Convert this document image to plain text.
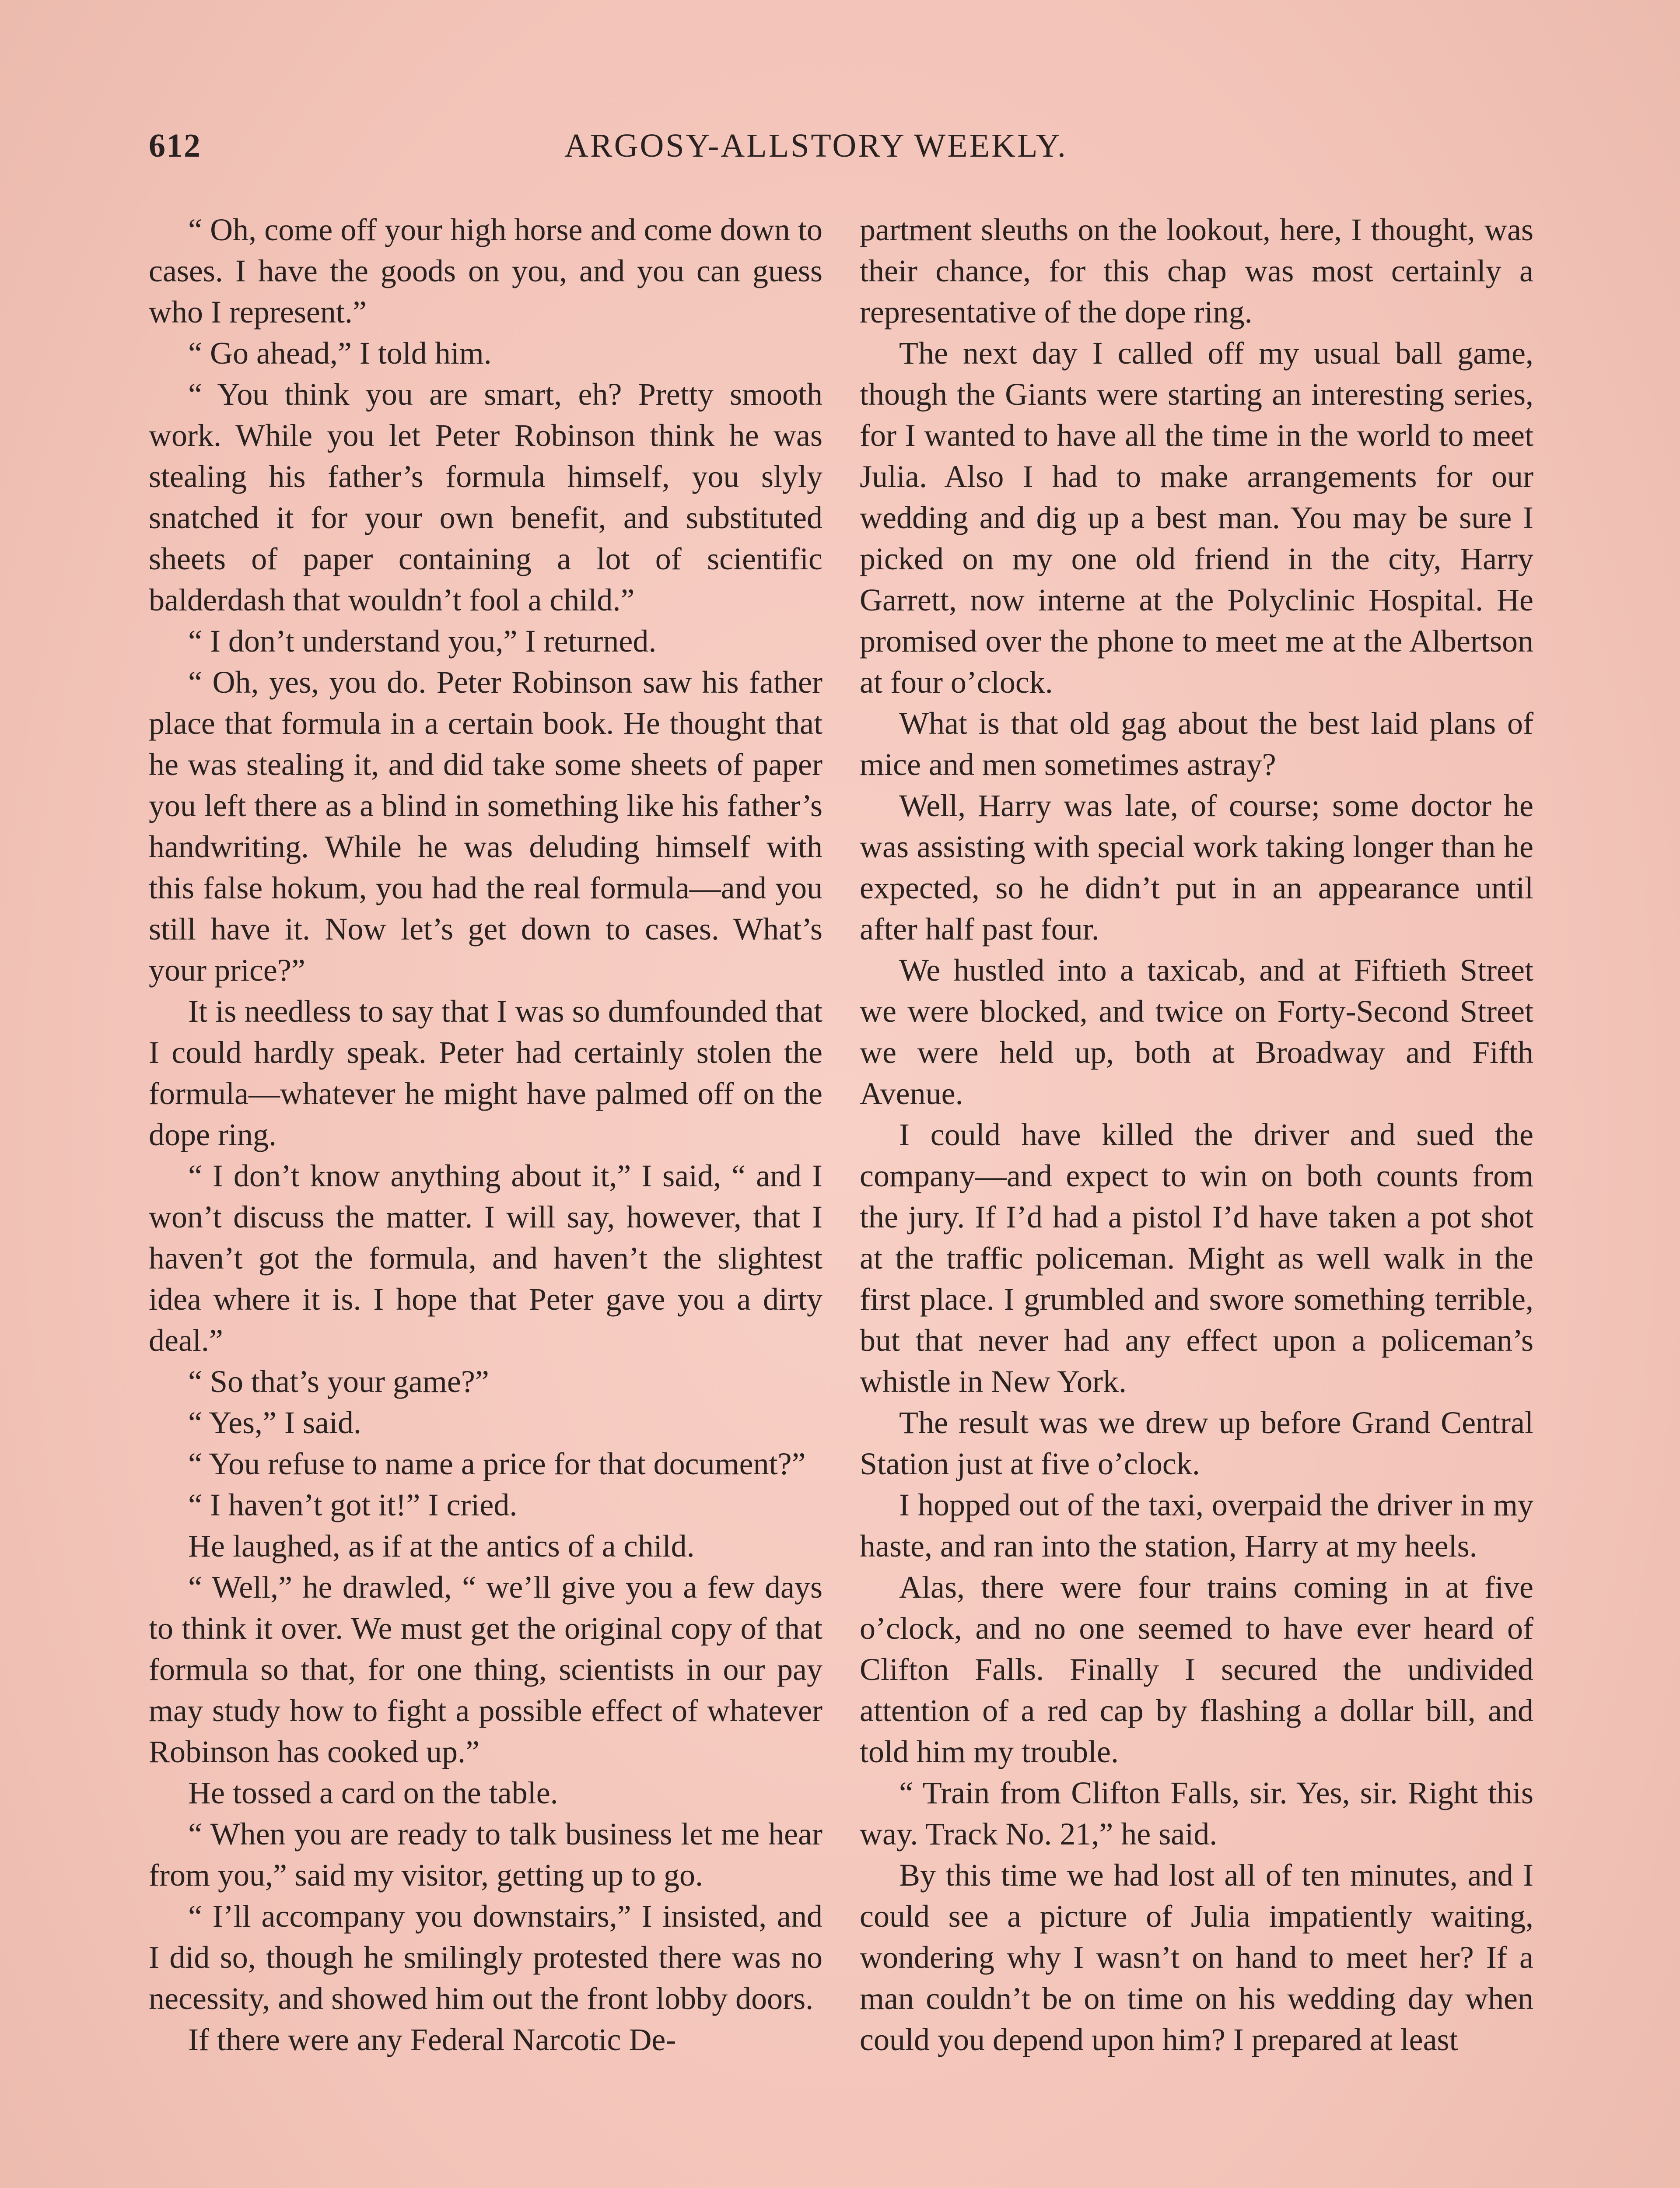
612	ARGOSY-ALLSTORY WEEKLY.

“ Oh, come off your high horse and come down to cases. I have the goods on you, and you can guess who I represent.”

“ Go ahead,” I told him.

“ You think you are smart, eh? Pretty smooth work. While you let Peter Robinson think he was stealing his father’s formula himself, you slyly snatched it for your own benefit, and substituted sheets of paper containing a lot of scientific balderdash that wouldn’t fool a child.”

“ I don’t understand you,” I returned.

“ Oh, yes, you do. Peter Robinson saw his father place that formula in a certain book. He thought that he was stealing it, and did take some sheets of paper you left there as a blind in something like his father’s handwriting. While he was deluding himself with this false hokum, you had the real formula—and you still have it. Now let’s get down to cases. What’s your price?”

It is needless to say that I was so dumfounded that I could hardly speak. Peter had certainly stolen the formula—whatever he might have palmed off on the dope ring.

“ I don’t know anything about it,” I said, “ and I won’t discuss the matter. I will say, however, that I haven’t got the formula, and haven’t the slightest idea where it is. I hope that Peter gave you a dirty deal.”

“ So that’s your game?”

“ Yes,” I said.

“ You refuse to name a price for that document?”

“ I haven’t got it!” I cried.

He laughed, as if at the antics of a child.

“ Well,” he drawled, “ we’ll give you a few days to think it over. We must get the original copy of that formula so that, for one thing, scientists in our pay may study how to fight a possible effect of whatever Robinson has cooked up.”

He tossed a card on the table.

“ When you are ready to talk business let me hear from you,” said my visitor, getting up to go.

“ I’ll accompany you downstairs,” I insisted, and I did so, though he smilingly protested there was no necessity, and showed him out the front lobby doors.

If there were any Federal Narcotic De-

partment sleuths on the lookout, here, I thought, was their chance, for this chap was most certainly a representative of the dope ring.

The next day I called off my usual ball game, though the Giants were starting an interesting series, for I wanted to have all the time in the world to meet Julia. Also I had to make arrangements for our wedding and dig up a best man. You may be sure I picked on my one old friend in the city, Harry Garrett, now interne at the Polyclinic Hospital. He promised over the phone to meet me at the Albertson at four o’clock.

What is that old gag about the best laid plans of mice and men sometimes astray?

Well, Harry was late, of course; some doctor he was assisting with special work taking longer than he expected, so he didn’t put in an appearance until after half past four.

We hustled into a taxicab, and at Fiftieth Street we were blocked, and twice on Forty-Second Street we were held up, both at Broadway and Fifth Avenue.

I could have killed the driver and sued the company—and expect to win on both counts from the jury. If I’d had a pistol I’d have taken a pot shot at the traffic policeman. Might as well walk in the first place. I grumbled and swore something terrible, but that never had any effect upon a policeman’s whistle in New York.

The result was we drew up before Grand Central Station just at five o’clock.

I hopped out of the taxi, overpaid the driver in my haste, and ran into the station, Harry at my heels.

Alas, there were four trains coming in at five o’clock, and no one seemed to have ever heard of Clifton Falls. Finally I secured the undivided attention of a red cap by flashing a dollar bill, and told him my trouble.

“ Train from Clifton Falls, sir. Yes, sir. Right this way. Track No. 21,” he said.

By this time we had lost all of ten minutes, and I could see a picture of Julia impatiently waiting, wondering why I wasn’t on hand to meet her? If a man couldn’t be on time on his wedding day when could you depend upon him? I prepared at least
